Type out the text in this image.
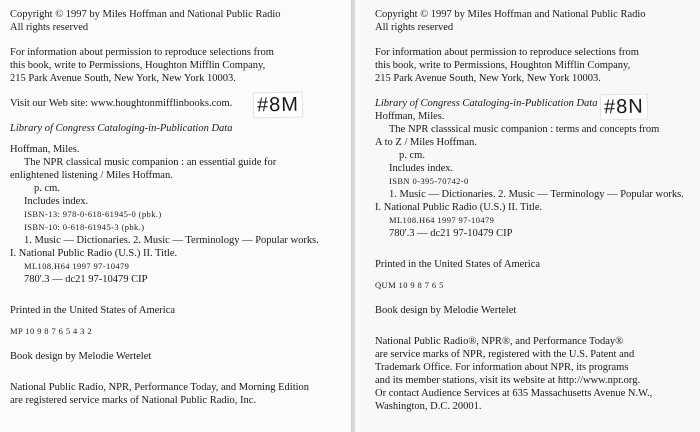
Copyright © 1997 by Miles Hoffman and National Public Radio
All rights reserved

For information about permission to reproduce selections from
this book, write to Permissions, Houghton Mifflin Company,
215 Park Avenue South, New York, New York 10003.

Visit our Web site: www.houghtonmifflinbooks.com.

Library of Congress Cataloging-in-Publication Data

Hoffman, Miles.
The NPR classical music companion : an essential guide for
enlightened listening / Miles Hoffman.
p. cm.
Includes index.
ISBN-13: 978-0-618-61945-0 (pbk.)
ISBN-10: 0-618-61945-3 (pbk.)
1. Music — Dictionaries. 2. Music — Terminology — Popular works.
I. National Public Radio (U.S.) II. Title.
ML108.H64 1997 97-10479
780'.3 — dc21 97-10479 CIP

Printed in the United States of America

MP 10 9 8 7 6 5 4 3 2

Book design by Melodie Wertelet

National Public Radio, NPR, Performance Today, and Morning Edition
are registered service marks of National Public Radio, Inc.

Copyright © 1997 by Miles Hoffman and National Public Radio
All rights reserved

For information about permission to reproduce selections from
this book, write to Permissions, Houghton Mifflin Company,
215 Park Avenue South, New York, New York 10003.

Library of Congress Cataloging-in-Publication Data

Hoffman, Miles.
The NPR classsical music companion : terms and concepts from
A to Z / Miles Hoffman.
p. cm.
Includes index.
ISBN 0-395-70742-0
1. Music — Dictionaries. 2. Music — Terminology — Popular works.
I. National Public Radio (U.S.) II. Title.
ML108.H64 1997 97-10479
780'.3 — dc21 97-10479 CIP

Printed in the United States of America

QUM 10 9 8 7 6 5

Book design by Melodie Wertelet

National Public Radio®, NPR®, and Performance Today®
are service marks of NPR, registered with the U.S. Patent and
Trademark Office. For information about NPR, its programs
and its member stations, visit its website at http://www.npr.org.
Or contact Audience Services at 635 Massachusetts Avenue N.W.,
Washington, D.C. 20001.

#8M	#8N
